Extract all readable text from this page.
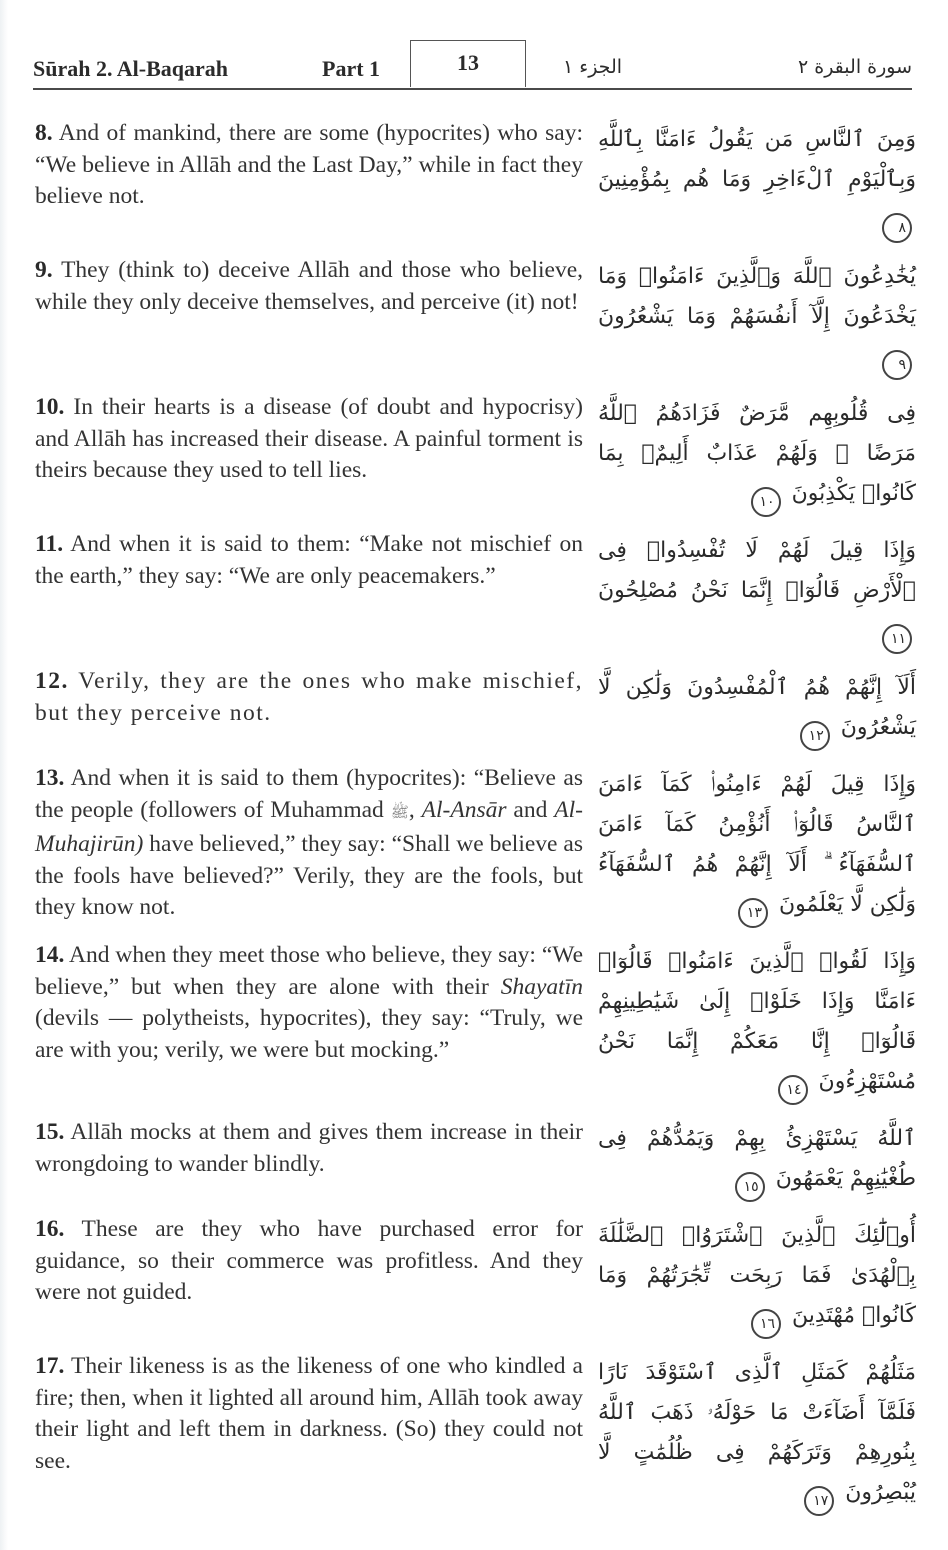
Sūrah 2. Al-Baqarah	Part 1	13	الجزء ١	سورة البقرة ٢
8. And of mankind, there are some (hypocrites) who say: “We believe in Allāh and the Last Day,” while in fact they believe not.
وَمِنَ ٱلنَّاسِ مَن يَقُولُ ءَامَنَّا بِٱللَّهِ وَبِٱلْيَوْمِ ٱلْءَاخِرِ وَمَا هُم بِمُؤْمِنِينَ ٨
9. They (think to) deceive Allāh and those who believe, while they only deceive themselves, and perceive (it) not!
يُخَٰدِعُونَ ٱللَّهَ وَٱلَّذِينَ ءَامَنُوا۟ وَمَا يَخْدَعُونَ إِلَّآ أَنفُسَهُمْ وَمَا يَشْعُرُونَ ٩
10. In their hearts is a disease (of doubt and hypocrisy) and Allāh has increased their disease. A painful torment is theirs because they used to tell lies.
فِى قُلُوبِهِم مَّرَضٌ فَزَادَهُمُ ٱللَّهُ مَرَضًا ۖ وَلَهُمْ عَذَابٌ أَلِيمٌۢ بِمَا كَانُوا۟ يَكْذِبُونَ ١٠
11. And when it is said to them: “Make not mischief on the earth,” they say: “We are only peacemakers.”
وَإِذَا قِيلَ لَهُمْ لَا تُفْسِدُوا۟ فِى ٱلْأَرْضِ قَالُوٓا۟ إِنَّمَا نَحْنُ مُصْلِحُونَ ١١
12. Verily, they are the ones who make mischief, but they perceive not.
أَلَآ إِنَّهُمْ هُمُ ٱلْمُفْسِدُونَ وَلَٰكِن لَّا يَشْعُرُونَ ١٢
13. And when it is said to them (hypocrites): “Believe as the people (followers of Muhammad ﷺ, Al-Ansār and Al-Muhajirūn) have believed,” they say: “Shall we believe as the fools have believed?” Verily, they are the fools, but they know not.
وَإِذَا قِيلَ لَهُمْ ءَامِنُوا۟ كَمَآ ءَامَنَ ٱلنَّاسُ قَالُوٓا۟ أَنُؤْمِنُ كَمَآ ءَامَنَ ٱلسُّفَهَآءُ ۗ أَلَآ إِنَّهُمْ هُمُ ٱلسُّفَهَآءُ وَلَٰكِن لَّا يَعْلَمُونَ ١٣
14. And when they meet those who believe, they say: “We believe,” but when they are alone with their Shayatīn (devils — polytheists, hypocrites), they say: “Truly, we are with you; verily, we were but mocking.”
وَإِذَا لَقُوا۟ ٱلَّذِينَ ءَامَنُوا۟ قَالُوٓا۟ ءَامَنَّا وَإِذَا خَلَوْا۟ إِلَىٰ شَيَٰطِينِهِمْ قَالُوٓا۟ إِنَّا مَعَكُمْ إِنَّمَا نَحْنُ مُسْتَهْزِءُونَ ١٤
15. Allāh mocks at them and gives them increase in their wrongdoing to wander blindly.
ٱللَّهُ يَسْتَهْزِئُ بِهِمْ وَيَمُدُّهُمْ فِى طُغْيَٰنِهِمْ يَعْمَهُونَ ١٥
16. These are they who have purchased error for guidance, so their commerce was profitless. And they were not guided.
أُو۟لَٰٓئِكَ ٱلَّذِينَ ٱشْتَرَوُا۟ ٱلضَّلَٰلَةَ بِٱلْهُدَىٰ فَمَا رَبِحَت تِّجَٰرَتُهُمْ وَمَا كَانُوا۟ مُهْتَدِينَ ١٦
17. Their likeness is as the likeness of one who kindled a fire; then, when it lighted all around him, Allāh took away their light and left them in darkness. (So) they could not see.
مَثَلُهُمْ كَمَثَلِ ٱلَّذِى ٱسْتَوْقَدَ نَارًا فَلَمَّآ أَضَآءَتْ مَا حَوْلَهُۥ ذَهَبَ ٱللَّهُ بِنُورِهِمْ وَتَرَكَهُمْ فِى ظُلُمَٰتٍ لَّا يُبْصِرُونَ ١٧
